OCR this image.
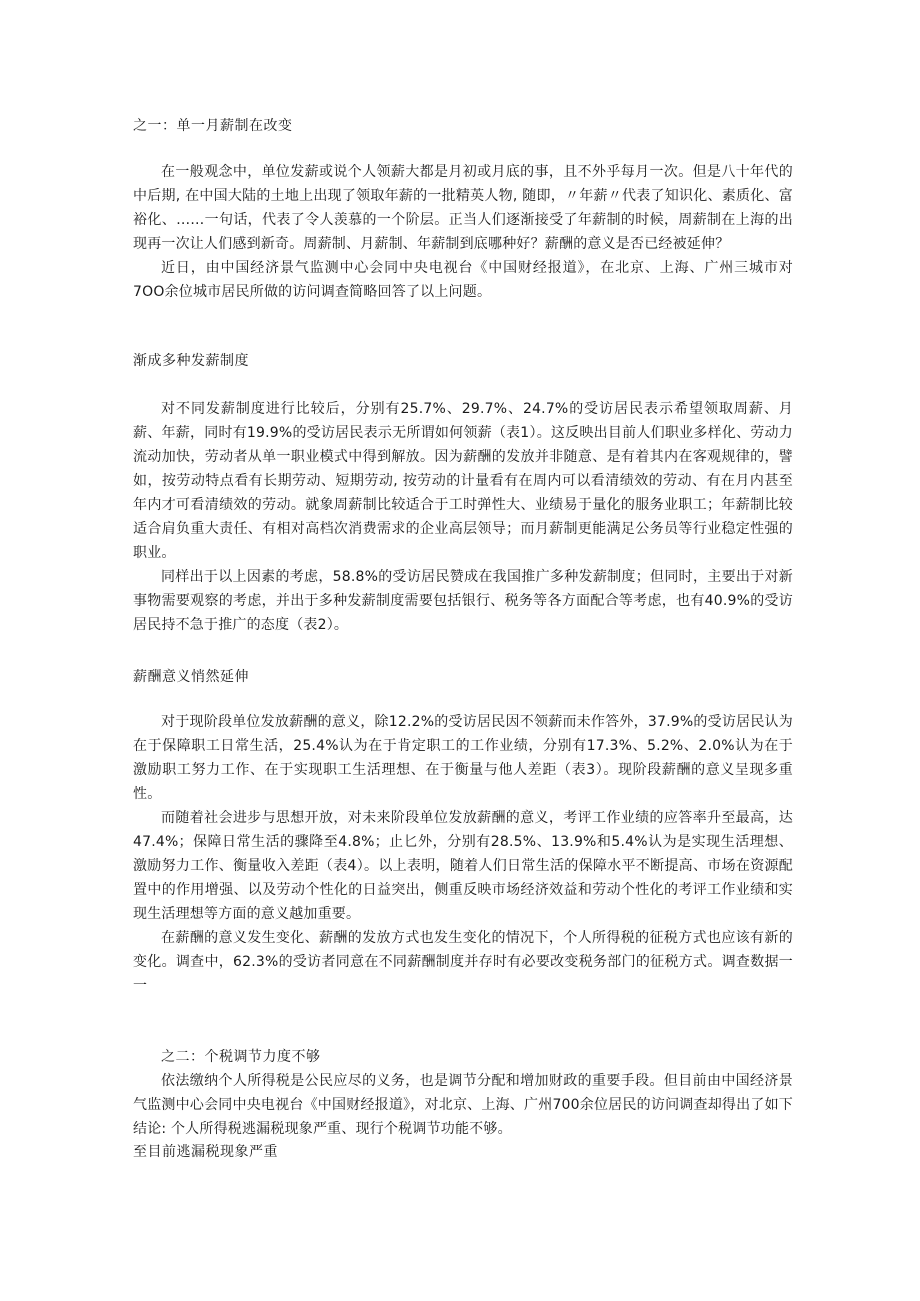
之一：单一月薪制在改变

在一般观念中，单位发薪或说个人领薪大都是月初或月底的事，且不外乎每月一次。但是八十年代的中后期, 在中国大陆的土地上出现了领取年薪的一批精英人物, 随即，〃年薪〃代表了知识化、素质化、富裕化、……一句话，代表了令人羡慕的一个阶层。正当人们逐渐接受了年薪制的时候，周薪制在上海的出现再一次让人们感到新奇。周薪制、月薪制、年薪制到底哪种好？薪酬的意义是否已经被延伸？

近日，由中国经济景气监测中心会同中央电视台《中国财经报道》，在北京、上海、广州三城市对7OO余位城市居民所做的访问调查简略回答了以上问题。

渐成多种发薪制度

对不同发薪制度进行比较后，分别有25.7%、29.7%、24.7%的受访居民表示希望领取周薪、月薪、年薪，同时有19.9%的受访居民表示无所谓如何领薪（表1）。这反映出目前人们职业多样化、劳动力流动加快，劳动者从单一职业模式中得到解放。因为薪酬的发放并非随意、是有着其内在客观规律的，譬如，按劳动特点看有长期劳动、短期劳动, 按劳动的计量看有在周内可以看清绩效的劳动、有在月内甚至年内才可看清绩效的劳动。就象周薪制比较适合于工时弹性大、业绩易于量化的服务业职工；年薪制比较适合肩负重大责任、有相对高档次消费需求的企业高层领导；而月薪制更能满足公务员等行业稳定性强的职业。

同样出于以上因素的考虑，58.8%的受访居民赞成在我国推广多种发薪制度；但同时，主要出于对新事物需要观察的考虑，并出于多种发薪制度需要包括银行、税务等各方面配合等考虑，也有40.9%的受访居民持不急于推广的态度（表2）。

薪酬意义悄然延伸

对于现阶段单位发放薪酬的意义，除12.2%的受访居民因不领薪而未作答外，37.9%的受访居民认为在于保障职工日常生活，25.4%认为在于肯定职工的工作业绩，分别有17.3%、5.2%、2.0%认为在于激励职工努力工作、在于实现职工生活理想、在于衡量与他人差距（表3）。现阶段薪酬的意义呈现多重性。

而随着社会进步与思想开放，对未来阶段单位发放薪酬的意义，考评工作业绩的应答率升至最高，达47.4%；保障日常生活的骤降至4.8%；止匕外，分别有28.5%、13.9%和5.4%认为是实现生活理想、激励努力工作、衡量收入差距（表4）。以上表明，随着人们日常生活的保障水平不断提高、市场在资源配置中的作用增强、以及劳动个性化的日益突出，侧重反映市场经济效益和劳动个性化的考评工作业绩和实现生活理想等方面的意义越加重要。

在薪酬的意义发生变化、薪酬的发放方式也发生变化的情况下，个人所得税的征税方式也应该有新的变化。调查中，62.3%的受访者同意在不同薪酬制度并存时有必要改变税务部门的征税方式。调查数据一一

之二：个税调节力度不够

依法缴纳个人所得税是公民应尽的义务，也是调节分配和增加财政的重要手段。但目前由中国经济景气监测中心会同中央电视台《中国财经报道》，对北京、上海、广州700余位居民的访问调查却得出了如下结论: 个人所得税逃漏税现象严重、现行个税调节功能不够。

至目前逃漏税现象严重
